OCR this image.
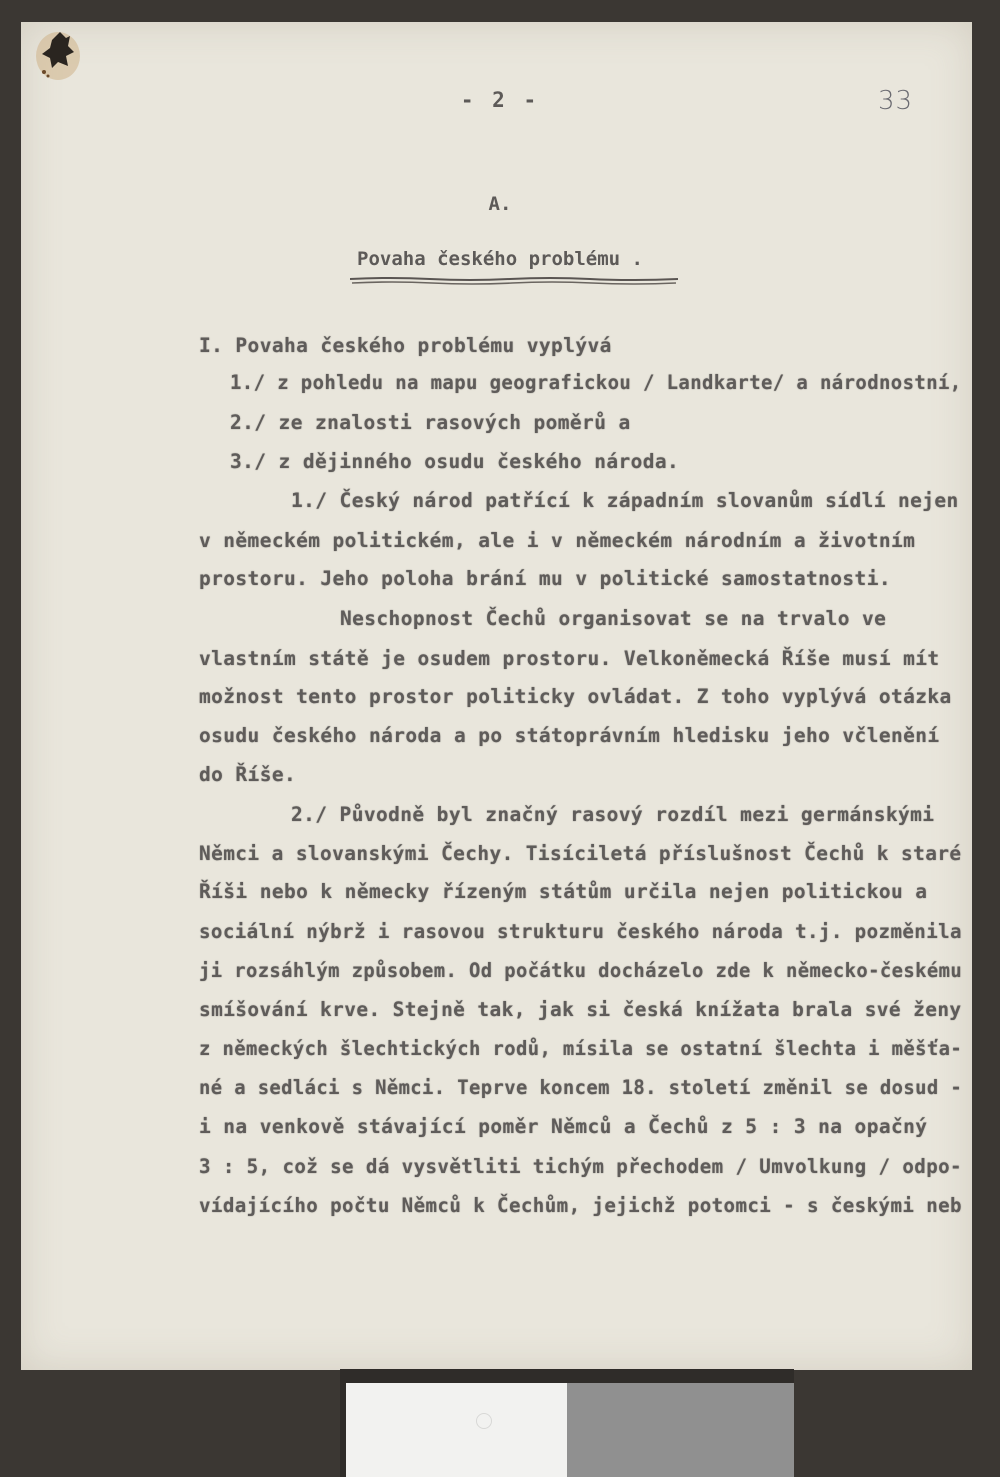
- 2 -	33
A.
Povaha českého problému .
I. Povaha českého problému vyplývá
1./ z pohledu na mapu geografickou / Landkarte/ a národnostní,
2./ ze znalosti rasových poměrů a
3./ z dějinného osudu českého národa.
1./ Český národ patřící k západním slovanům sídlí nejen
v německém politickém, ale i v německém národním a životním
prostoru. Jeho poloha brání mu v politické samostatnosti.
Neschopnost Čechů organisovat se na trvalo ve
vlastním státě je osudem prostoru. Velkoněmecká Říše musí mít
možnost tento prostor politicky ovládat. Z toho vyplývá otázka
osudu českého národa a po státoprávním hledisku jeho včlenění
do Říše.
2./ Původně byl značný rasový rozdíl mezi germánskými
Němci a slovanskými Čechy. Tisíciletá příslušnost Čechů k staré
Říši nebo k německy řízeným státům určila nejen politickou a
sociální nýbrž i rasovou strukturu českého národa t.j. pozměnila
ji rozsáhlým způsobem. Od počátku docházelo zde k německo-českému
smíšování krve. Stejně tak, jak si česká knížata brala své ženy
z německých šlechtických rodů, mísila se ostatní šlechta i měšťa-
né a sedláci s Němci. Teprve koncem 18. století změnil se dosud -
i na venkově stávající poměr Němců a Čechů z 5 : 3 na opačný
3 : 5, což se dá vysvětliti tichým přechodem / Umvolkung / odpo-
vídajícího počtu Němců k Čechům, jejichž potomci - s českými neb
